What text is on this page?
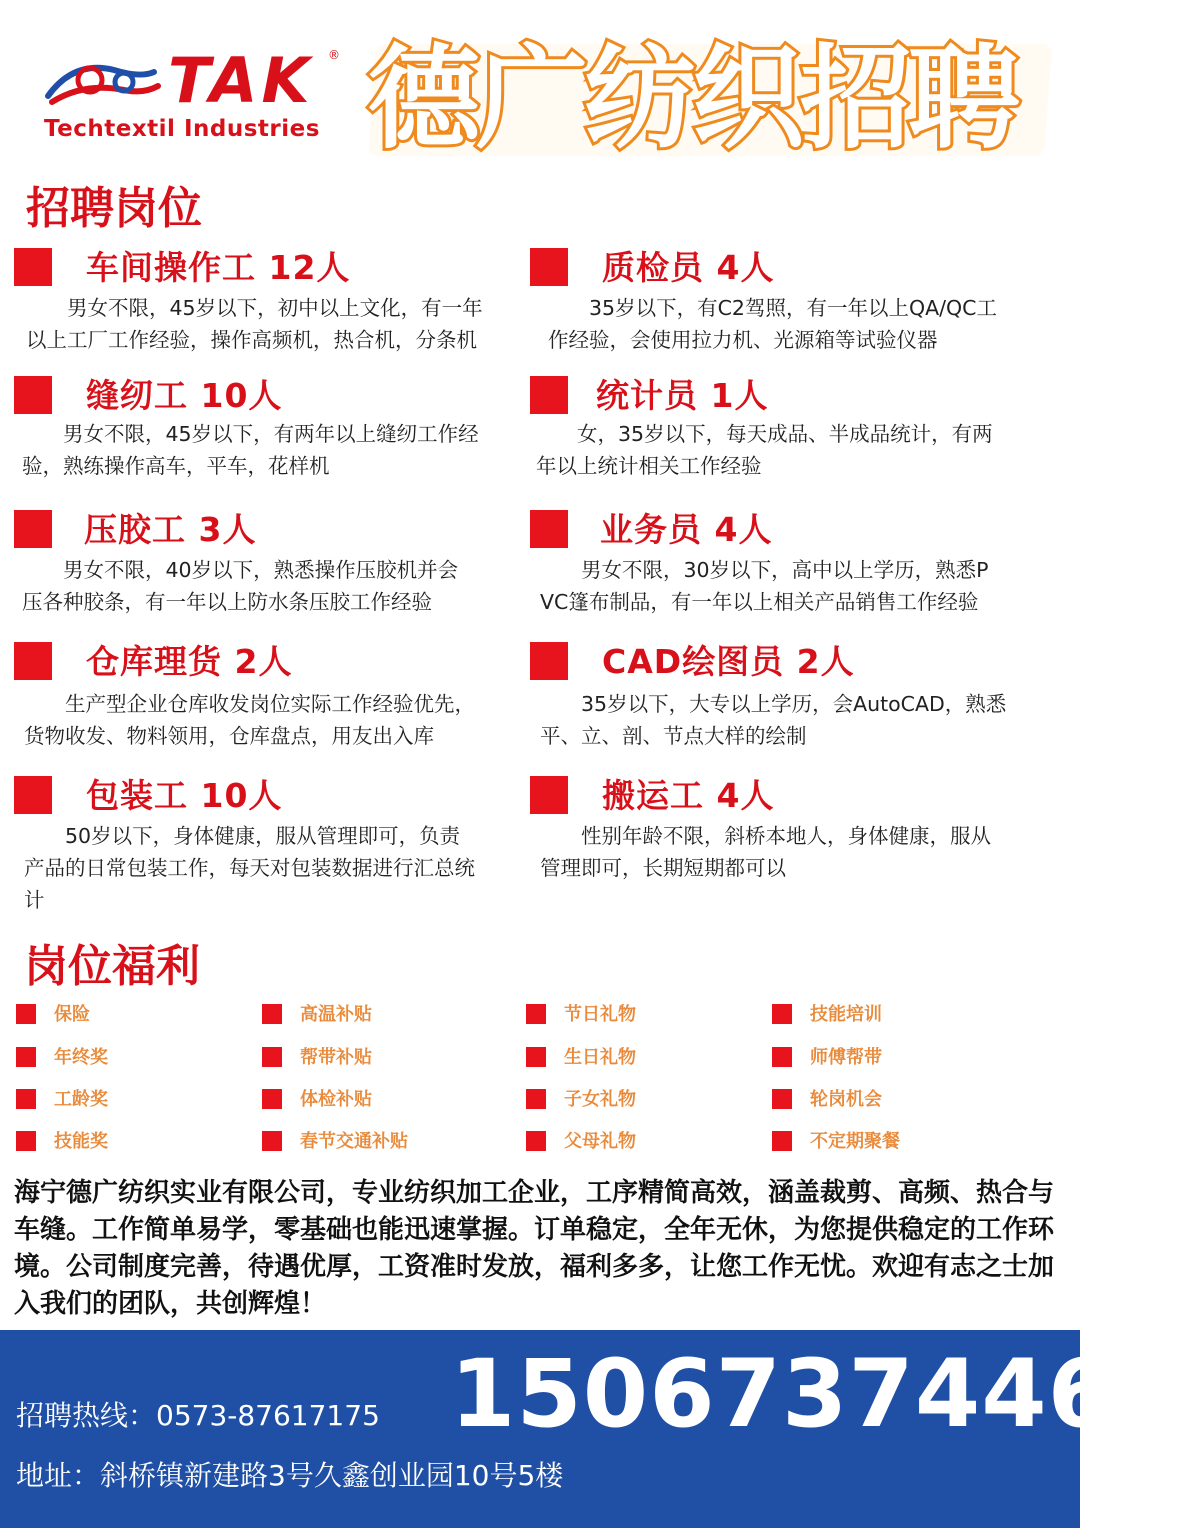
TAK ®
Techtextil Industries 德广纺织招聘
招聘岗位
车间操作工 12人

男女不限，45岁以下，初中以上文化，有一年

以上工厂工作经验，操作高频机，热合机，分条机
质检员 4人

35岁以下，有C2驾照，有一年以上QA/QC工

作经验，会使用拉力机、光源箱等试验仪器
缝纫工 10人

男女不限，45岁以下，有两年以上缝纫工作经

验，熟练操作高车，平车，花样机
统计员 1人

女，35岁以下，每天成品、半成品统计，有两

年以上统计相关工作经验
压胶工 3人

男女不限，40岁以下，熟悉操作压胶机并会

压各种胶条，有一年以上防水条压胶工作经验
业务员 4人

男女不限，30岁以下，高中以上学历，熟悉P

VC篷布制品，有一年以上相关产品销售工作经验
仓库理货 2人

生产型企业仓库收发岗位实际工作经验优先，

货物收发、物料领用，仓库盘点，用友出入库
CAD绘图员 2人

35岁以下，大专以上学历，会AutoCAD，熟悉

平、立、剖、节点大样的绘制
包装工 10人

50岁以下，身体健康，服从管理即可，负责

产品的日常包装工作，每天对包装数据进行汇总统
计
搬运工 4人

性别年龄不限，斜桥本地人，身体健康，服从

管理即可，长期短期都可以
岗位福利
保险	高温补贴	节日礼物	技能培训
年终奖	帮带补贴	生日礼物	师傅帮带
工龄奖	体检补贴	子女礼物	轮岗机会
技能奖	春节交通补贴	父母礼物	不定期聚餐
海宁德广纺织实业有限公司，专业纺织加工企业，工序精简高效，涵盖裁剪、高频、热合与车缝。工作简单易学，零基础也能迅速掌握。订单稳定，全年无休，为您提供稳定的工作环境。公司制度完善，待遇优厚，工资准时发放，福利多多，让您工作无忧。欢迎有志之士加入我们的团队，共创辉煌！
15067374462
招聘热线：0573-87617175
地址：斜桥镇新建路3号久鑫创业园10号5楼
